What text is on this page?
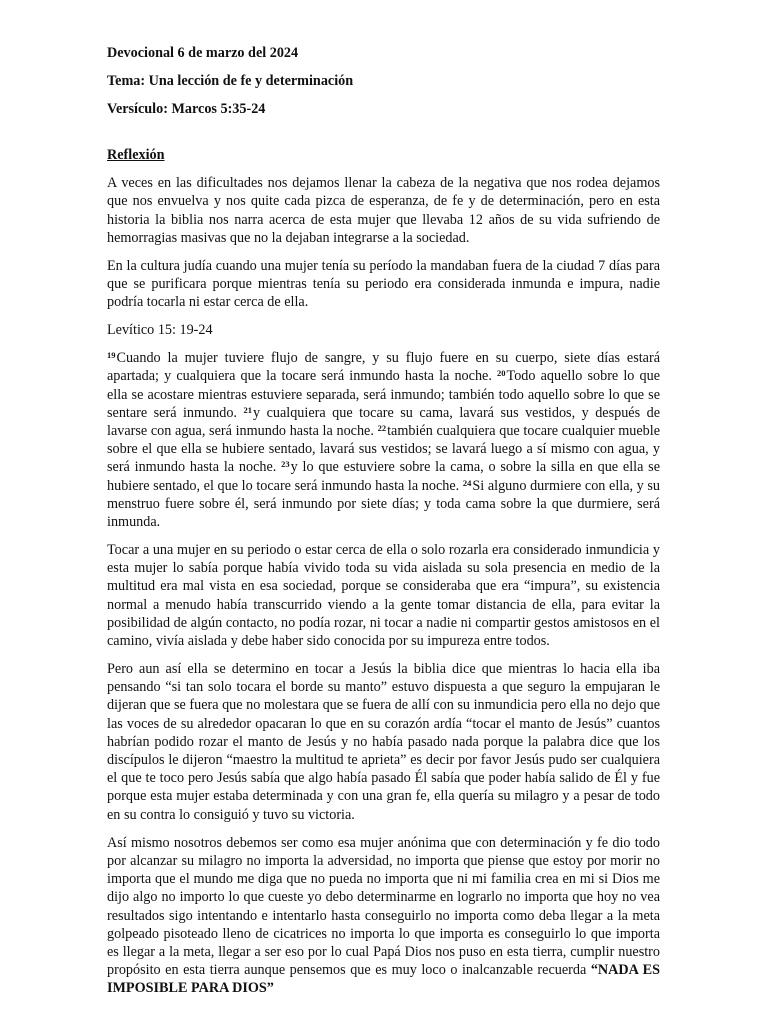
Devocional 6 de marzo del 2024
Tema: Una lección de fe y determinación
Versículo: Marcos 5:35-24
Reflexión

A veces en las dificultades nos dejamos llenar la cabeza de la negativa que nos rodea dejamos que nos envuelva y nos quite cada pizca de esperanza, de fe y de determinación, pero en esta historia la biblia nos narra acerca de esta mujer que llevaba 12 años de su vida sufriendo de hemorragias masivas que no la dejaban integrarse a la sociedad.

En la cultura judía cuando una mujer tenía su período la mandaban fuera de la ciudad 7 días para que se purificara porque mientras tenía su periodo era considerada inmunda e impura, nadie podría tocarla ni estar cerca de ella.

Levítico 15: 19-24

$^{19}$Cuando la mujer tuviere flujo de sangre, y su flujo fuere en su cuerpo, siete días estará apartada; y cualquiera que la tocare será inmundo hasta la noche. $^{20}$Todo aquello sobre lo que ella se acostare mientras estuviere separada, será inmundo; también todo aquello sobre lo que se sentare será inmundo. $^{21}$y cualquiera que tocare su cama, lavará sus vestidos, y después de lavarse con agua, será inmundo hasta la noche. $^{22}$también cualquiera que tocare cualquier mueble sobre el que ella se hubiere sentado, lavará sus vestidos; se lavará luego a sí mismo con agua, y será inmundo hasta la noche. $^{23}$y lo que estuviere sobre la cama, o sobre la silla en que ella se hubiere sentado, el que lo tocare será inmundo hasta la noche. $^{24}$Si alguno durmiere con ella, y su menstruo fuere sobre él, será inmundo por siete días; y toda cama sobre la que durmiere, será inmunda.

Tocar a una mujer en su periodo o estar cerca de ella o solo rozarla era considerado inmundicia y esta mujer lo sabía porque había vivido toda su vida aislada su sola presencia en medio de la multitud era mal vista en esa sociedad, porque se consideraba que era “impura”, su existencia normal a menudo había transcurrido viendo a la gente tomar distancia de ella, para evitar la posibilidad de algún contacto, no podía rozar, ni tocar a nadie ni compartir gestos amistosos en el camino, vivía aislada y debe haber sido conocida por su impureza entre todos.

Pero aun así ella se determino en tocar a Jesús la biblia dice que mientras lo hacia ella iba pensando “si tan solo tocara el borde su manto” estuvo dispuesta a que seguro la empujaran le dijeran que se fuera que no molestara que se fuera de allí con su inmundicia pero ella no dejo que las voces de su alrededor opacaran lo que en su corazón ardía “tocar el manto de Jesús” cuantos habrían podido rozar el manto de Jesús y no había pasado nada porque la palabra dice que los discípulos le dijeron “maestro la multitud te aprieta” es decir por favor Jesús pudo ser cualquiera el que te toco pero Jesús sabía que algo había pasado Él sabía que poder había salido de Él y fue porque esta mujer estaba determinada y con una gran fe, ella quería su milagro y a pesar de todo en su contra lo consiguió y tuvo su victoria.

Así mismo nosotros debemos ser como esa mujer anónima que con determinación y fe dio todo por alcanzar su milagro no importa la adversidad, no importa que piense que estoy por morir no importa que el mundo me diga que no pueda no importa que ni mi familia crea en mi si Dios me dijo algo no importo lo que cueste yo debo determinarme en lograrlo no importa que hoy no vea resultados sigo intentando e intentarlo hasta conseguirlo no importa como deba llegar a la meta golpeado pisoteado lleno de cicatrices no importa lo que importa es conseguirlo lo que importa es llegar a la meta, llegar a ser eso por lo cual Papá Dios nos puso en esta tierra, cumplir nuestro propósito en esta tierra aunque pensemos que es muy loco o inalcanzable recuerda “NADA ES IMPOSIBLE PARA DIOS”
